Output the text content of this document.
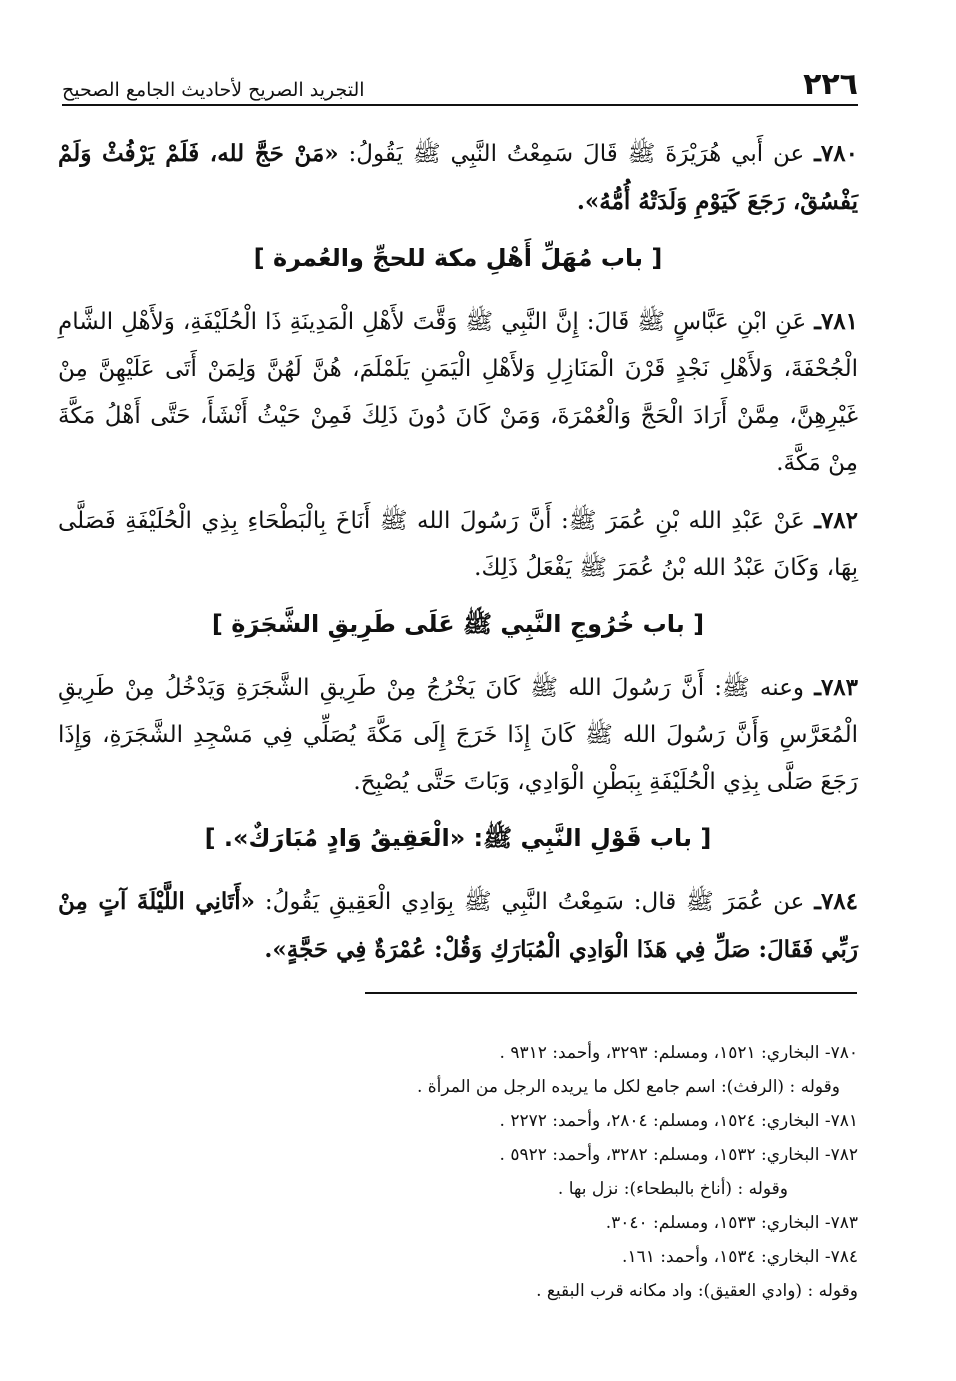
٢٢٦
التجريد الصريح لأحاديث الجامع الصحيح

٧٨٠ـ عن أَبي هُرَيْرَةَ ﷺ قَالَ سَمِعْتُ النَّبِي ﷺ يَقُولُ: «مَنْ حَجَّ لله، فَلَمْ يَرْفُثْ وَلَمْ يَفْسُقْ، رَجَعَ كَيَوْمِ وَلَدَتْهُ أُمُّهُ».

[ باب مُهَلِّ أَهْلِ مكة للحجِّ والعُمرة ]

٧٨١ـ عَنِ ابْنِ عَبَّاسٍ ﷺ قَالَ: إِنَّ النَّبِي ﷺ وَقَّتَ لأَهْلِ الْمَدِينَةِ ذَا الْحُلَيْفَةِ، وَلأَهْلِ الشَّامِ الْجُحْفَةَ، وَلأَهْلِ نَجْدٍ قَرْنَ الْمَنَازِلِ وَلأَهْلِ الْيَمَنِ يَلَمْلَمَ، هُنَّ لَهُنَّ وَلِمَنْ أَتَى عَلَيْهِنَّ مِنْ غَيْرِهِنَّ، مِمَّنْ أَرَادَ الْحَجَّ وَالْعُمْرَةَ، وَمَنْ كَانَ دُونَ ذَلِكَ فَمِنْ حَيْثُ أَنْشَأَ، حَتَّى أَهْلُ مَكَّةَ مِنْ مَكَّةَ.

٧٨٢ـ عَنْ عَبْدِ الله بْنِ عُمَرَ ﷺ: أَنَّ رَسُولَ الله ﷺ أَنَاخَ بِالْبَطْحَاءِ بِذِي الْحُلَيْفَةِ فَصَلَّى بِهَا، وَكَانَ عَبْدُ الله بْنُ عُمَرَ ﷺ يَفْعَلُ ذَلِكَ.

[ باب خُرُوجِ النَّبِي ﷺ عَلَى طَرِيقِ الشَّجَرَةِ ]

٧٨٣ـ وعنه ﷺ: أَنَّ رَسُولَ الله ﷺ كَانَ يَخْرُجُ مِنْ طَرِيقِ الشَّجَرَةِ وَيَدْخُلُ مِنْ طَرِيقِ الْمُعَرَّسِ وَأَنَّ رَسُولَ الله ﷺ كَانَ إِذَا خَرَجَ إِلَى مَكَّةَ يُصَلِّي فِي مَسْجِدِ الشَّجَرَةِ، وَإِذَا رَجَعَ صَلَّى بِذِي الْحُلَيْفَةِ بِبَطْنِ الْوَادِي، وَبَاتَ حَتَّى يُصْبِحَ.

[ باب قَوْلِ النَّبِي ﷺ: «الْعَقِيقُ وَادٍ مُبَارَكٌ». ]

٧٨٤ـ عن عُمَرَ ﷺ قال: سَمِعْتُ النَّبِي ﷺ بِوَادِي الْعَقِيقِ يَقُولُ: «أَتَانِي اللَّيْلَةَ آتٍ مِنْ رَبِّي فَقَالَ: صَلِّ فِي هَذَا الْوَادِي الْمُبَارَكِ وَقُلْ: عُمْرَةٌ فِي حَجَّةٍ».

٧٨٠- البخاري: ١٥٢١، ومسلم: ٣٢٩٣، وأحمد: ٩٣١٢ .

وقوله : (الرفث): اسم جامع لكل ما يريده الرجل من المرأة .

٧٨١- البخاري: ١٥٢٤، ومسلم: ٢٨٠٤، وأحمد: ٢٢٧٢ .

٧٨٢- البخاري: ١٥٣٢، ومسلم: ٣٢٨٢، وأحمد: ٥٩٢٢ .

وقوله : (أناخ بالبطحاء): نزل بها .

٧٨٣- البخاري: ١٥٣٣، ومسلم: ٣٠٤٠.

٧٨٤- البخاري: ١٥٣٤، وأحمد: ١٦١.

وقوله : (وادي العقيق): واد مكانه قرب البقيع .
